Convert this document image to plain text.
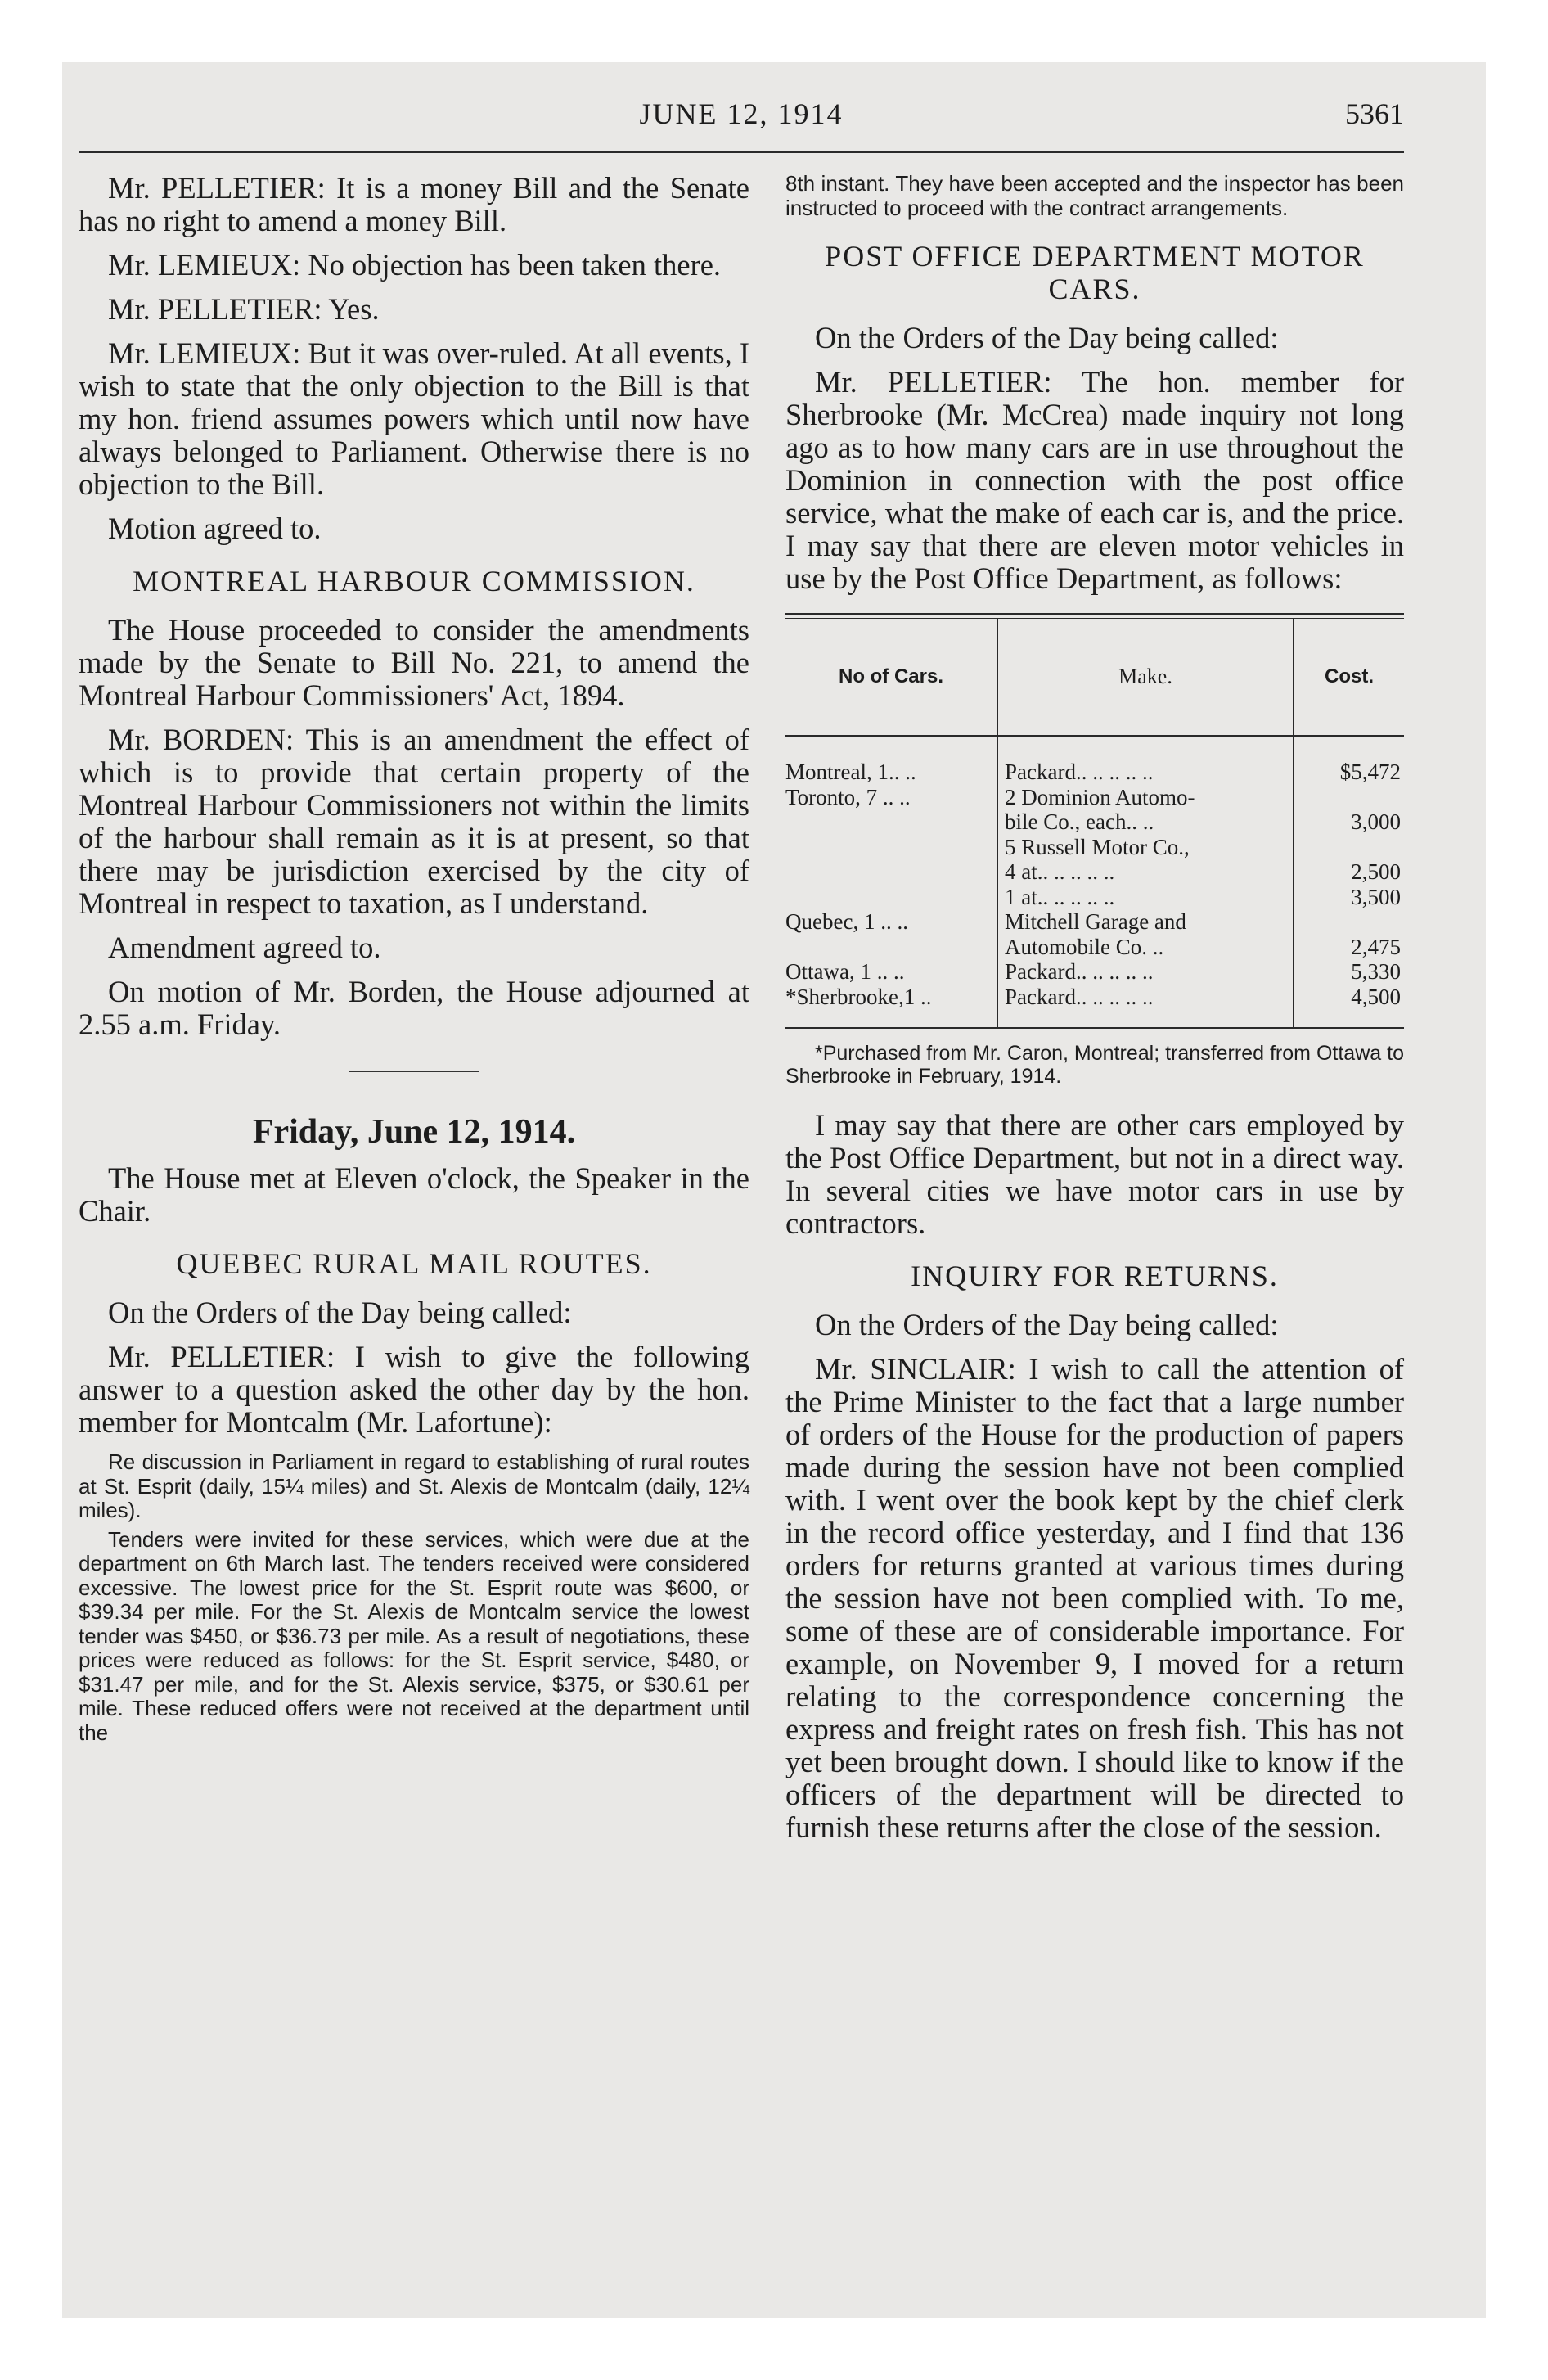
JUNE 12, 1914	5361

Mr. PELLETIER: It is a money Bill and the Senate has no right to amend a money Bill.

Mr. LEMIEUX: No objection has been taken there.

Mr. PELLETIER: Yes.

Mr. LEMIEUX: But it was over-ruled. At all events, I wish to state that the only objection to the Bill is that my hon. friend assumes powers which until now have always belonged to Parliament. Otherwise there is no objection to the Bill.

Motion agreed to.

MONTREAL HARBOUR COMMISSION.

The House proceeded to consider the amendments made by the Senate to Bill No. 221, to amend the Montreal Harbour Commissioners' Act, 1894.

Mr. BORDEN: This is an amendment the effect of which is to provide that certain property of the Montreal Harbour Commissioners not within the limits of the harbour shall remain as it is at present, so that there may be jurisdiction exercised by the city of Montreal in respect to taxation, as I understand.

Amendment agreed to.

On motion of Mr. Borden, the House adjourned at 2.55 a.m. Friday.

Friday, June 12, 1914.

The House met at Eleven o'clock, the Speaker in the Chair.

QUEBEC RURAL MAIL ROUTES.

On the Orders of the Day being called:

Mr. PELLETIER: I wish to give the following answer to a question asked the other day by the hon. member for Montcalm (Mr. Lafortune):

Re discussion in Parliament in regard to establishing of rural routes at St. Esprit (daily, 15¼ miles) and St. Alexis de Montcalm (daily, 12¼ miles).

Tenders were invited for these services, which were due at the department on 6th March last. The tenders received were considered excessive. The lowest price for the St. Esprit route was $600, or $39.34 per mile. For the St. Alexis de Montcalm service the lowest tender was $450, or $36.73 per mile. As a result of negotiations, these prices were reduced as follows: for the St. Esprit service, $480, or $31.47 per mile, and for the St. Alexis service, $375, or $30.61 per mile. These reduced offers were not received at the department until the

8th instant. They have been accepted and the inspector has been instructed to proceed with the contract arrangements.

POST OFFICE DEPARTMENT MOTOR CARS.

On the Orders of the Day being called:

Mr. PELLETIER: The hon. member for Sherbrooke (Mr. McCrea) made inquiry not long ago as to how many cars are in use throughout the Dominion in connection with the post office service, what the make of each car is, and the price. I may say that there are eleven motor vehicles in use by the Post Office Department, as follows:

No of Cars.	Make.	Cost.
Montreal, 1.. ..	Packard.. .. .. .. ..	$5,472
Toronto, 7 .. ..	2 Dominion Automo-	
	bile Co., each.. ..	3,000
	5 Russell Motor Co.,	
	4 at.. .. .. .. ..	2,500
	1 at.. .. .. .. ..	3,500
Quebec, 1 .. ..	Mitchell Garage and	
	Automobile Co. ..	2,475
Ottawa, 1 .. ..	Packard.. .. .. .. ..	5,330
*Sherbrooke,1 ..	Packard.. .. .. .. ..	4,500

*Purchased from Mr. Caron, Montreal; transferred from Ottawa to Sherbrooke in February, 1914.

I may say that there are other cars employed by the Post Office Department, but not in a direct way. In several cities we have motor cars in use by contractors.

INQUIRY FOR RETURNS.

On the Orders of the Day being called:

Mr. SINCLAIR: I wish to call the attention of the Prime Minister to the fact that a large number of orders of the House for the production of papers made during the session have not been complied with. I went over the book kept by the chief clerk in the record office yesterday, and I find that 136 orders for returns granted at various times during the session have not been complied with. To me, some of these are of considerable importance. For example, on November 9, I moved for a return relating to the correspondence concerning the express and freight rates on fresh fish. This has not yet been brought down. I should like to know if the officers of the department will be directed to furnish these returns after the close of the session.
